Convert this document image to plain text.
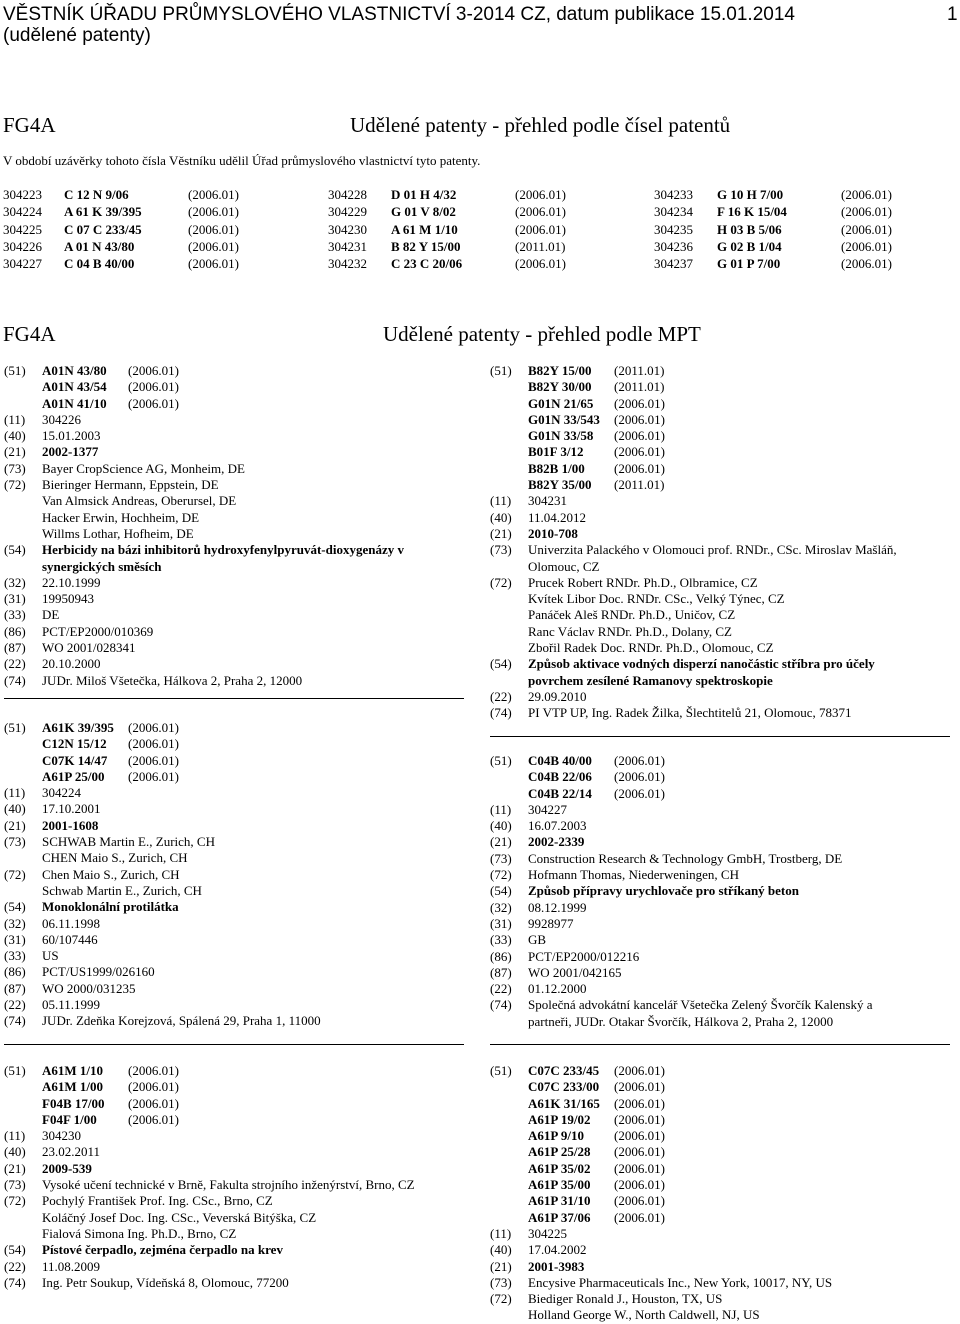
VĚSTNÍK ÚŘADU PRŮMYSLOVÉHO VLASTNICTVÍ 3-2014 CZ, datum publikace 15.01.2014
(udělené patenty)
1
FG4A	Udělené patenty - přehled podle čísel patentů
V období uzávěrky tohoto čísla Věstníku udělil Úřad průmyslového vlastnictví tyto patenty.
304223 C 12 N 9/06	(2006.01)	304228 D 01 H 4/32	(2006.01)	304233 G 10 H 7/00	(2006.01)
304224 A 61 K 39/395	(2006.01)	304229 G 01 V 8/02	(2006.01)	304234 F 16 K 15/04	(2006.01)
304225 C 07 C 233/45	(2006.01)	304230 A 61 M 1/10	(2006.01)	304235 H 03 B 5/06	(2006.01)
304226 A 01 N 43/80	(2006.01)	304231 B 82 Y 15/00	(2011.01)	304236 G 02 B 1/04	(2006.01)
304227 C 04 B 40/00	(2006.01)	304232 C 23 C 20/06	(2006.01)	304237 G 01 P 7/00	(2006.01)
FG4A	Udělené patenty - přehled podle MPT
(51) A01N 43/80 (2006.01)
A01N 43/54 (2006.01)
A01N 41/10 (2006.01)
(11) 304226
(40) 15.01.2003
(21) 2002-1377
(73) Bayer CropScience AG, Monheim, DE
(72) Bieringer Hermann, Eppstein, DE
Van Almsick Andreas, Oberursel, DE
Hacker Erwin, Hochheim, DE
Willms Lothar, Hofheim, DE
(54) Herbicidy na bázi inhibitorů hydroxyfenylpyruvát-dioxygenázy v
synergických směsích
(32) 22.10.1999
(31) 19950943
(33) DE
(86) PCT/EP2000/010369
(87) WO 2001/028341
(22) 20.10.2000
(74) JUDr. Miloš Všetečka, Hálkova 2, Praha 2, 12000
(51) A61K 39/395 (2006.01)
C12N 15/12 (2006.01)
C07K 14/47 (2006.01)
A61P 25/00 (2006.01)
(11) 304224
(40) 17.10.2001
(21) 2001-1608
(73) SCHWAB Martin E., Zurich, CH
CHEN Maio S., Zurich, CH
(72) Chen Maio S., Zurich, CH
Schwab Martin E., Zurich, CH
(54) Monoklonální protilátka
(32) 06.11.1998
(31) 60/107446
(33) US
(86) PCT/US1999/026160
(87) WO 2000/031235
(22) 05.11.1999
(74) JUDr. Zdeňka Korejzová, Spálená 29, Praha 1, 11000
(51) A61M 1/10 (2006.01)
A61M 1/00 (2006.01)
F04B 17/00 (2006.01)
F04F 1/00 (2006.01)
(11) 304230
(40) 23.02.2011
(21) 2009-539
(73) Vysoké učení technické v Brně, Fakulta strojního inženýrství, Brno, CZ
(72) Pochylý František Prof. Ing. CSc., Brno, CZ
Koláčný Josef Doc. Ing. CSc., Veverská Bitýška, CZ
Fialová Simona Ing. Ph.D., Brno, CZ
(54) Pístové čerpadlo, zejména čerpadlo na krev
(22) 11.08.2009
(74) Ing. Petr Soukup, Vídeňská 8, Olomouc, 77200
(51) B82Y 15/00 (2011.01)
B82Y 30/00 (2011.01)
G01N 21/65 (2006.01)
G01N 33/543 (2006.01)
G01N 33/58 (2006.01)
B01F 3/12 (2006.01)
B82B 1/00 (2006.01)
B82Y 35/00 (2011.01)
(11) 304231
(40) 11.04.2012
(21) 2010-708
(73) Univerzita Palackého v Olomouci prof. RNDr., CSc. Miroslav Mašláň,
Olomouc, CZ
(72) Prucek Robert RNDr. Ph.D., Olbramice, CZ
Kvítek Libor Doc. RNDr. CSc., Velký Týnec, CZ
Panáček Aleš RNDr. Ph.D., Uničov, CZ
Ranc Václav RNDr. Ph.D., Dolany, CZ
Zbořil Radek Doc. RNDr. Ph.D., Olomouc, CZ
(54) Způsob aktivace vodných disperzí nanočástic stříbra pro účely
povrchem zesílené Ramanovy spektroskopie
(22) 29.09.2010
(74) PI VTP UP, Ing. Radek Žilka, Šlechtitelů 21, Olomouc, 78371
(51) C04B 40/00 (2006.01)
C04B 22/06 (2006.01)
C04B 22/14 (2006.01)
(11) 304227
(40) 16.07.2003
(21) 2002-2339
(73) Construction Research & Technology GmbH, Trostberg, DE
(72) Hofmann Thomas, Niederweningen, CH
(54) Způsob přípravy urychlovače pro stříkaný beton
(32) 08.12.1999
(31) 9928977
(33) GB
(86) PCT/EP2000/012216
(87) WO 2001/042165
(22) 01.12.2000
(74) Společná advokátní kancelář Všetečka Zelený Švorčík Kalenský a
partneři, JUDr. Otakar Švorčík, Hálkova 2, Praha 2, 12000
(51) C07C 233/45 (2006.01)
C07C 233/00 (2006.01)
A61K 31/165 (2006.01)
A61P 19/02 (2006.01)
A61P 9/10 (2006.01)
A61P 25/28 (2006.01)
A61P 35/02 (2006.01)
A61P 35/00 (2006.01)
A61P 31/10 (2006.01)
A61P 37/06 (2006.01)
(11) 304225
(40) 17.04.2002
(21) 2001-3983
(73) Encysive Pharmaceuticals Inc., New York, 10017, NY, US
(72) Biediger Ronald J., Houston, TX, US
Holland George W., North Caldwell, NJ, US
